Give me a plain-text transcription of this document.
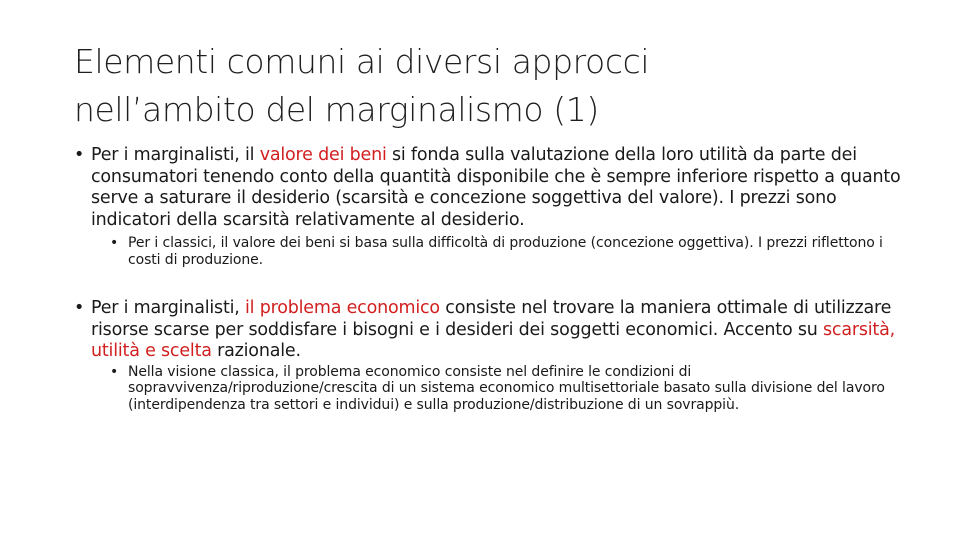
Elementi comuni ai diversi approcci
nell’ambito del marginalismo (1)
• Per i marginalisti, il valore dei beni si fonda sulla valutazione della loro utilità da parte dei consumatori tenendo conto della quantità disponibile che è sempre inferiore rispetto a quanto serve a saturare il desiderio (scarsità e concezione soggettiva del valore). I prezzi sono indicatori della scarsità relativamente al desiderio.
• Per i classici, il valore dei beni si basa sulla difficoltà di produzione (concezione oggettiva). I prezzi riflettono i costi di produzione.
• Per i marginalisti, il problema economico consiste nel trovare la maniera ottimale di utilizzare risorse scarse per soddisfare i bisogni e i desideri dei soggetti economici. Accento su scarsità, utilità e scelta razionale.
• Nella visione classica, il problema economico consiste nel definire le condizioni di sopravvivenza/riproduzione/crescita di un sistema economico multisettoriale basato sulla divisione del lavoro (interdipendenza tra settori e individui) e sulla produzione/distribuzione di un sovrappiù.
